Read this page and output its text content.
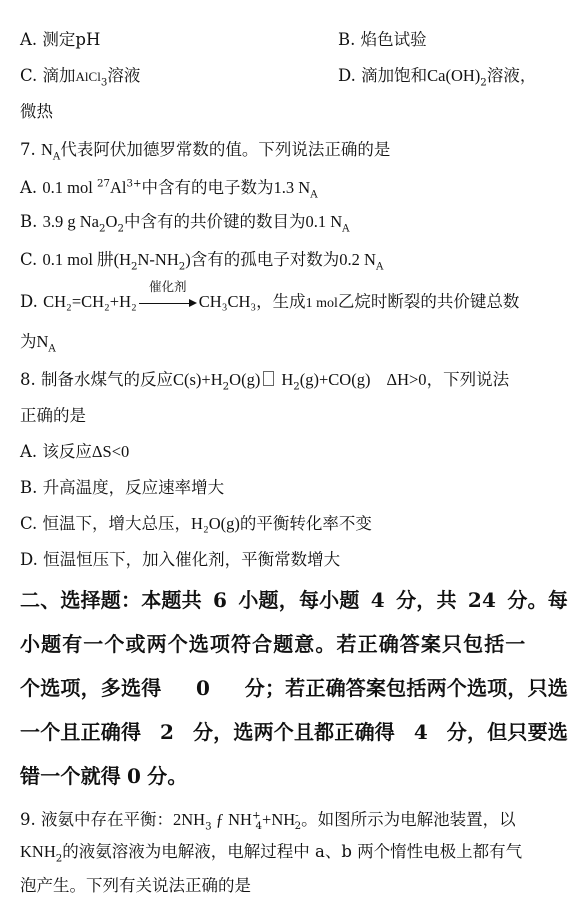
A. 测定pH	B. 焰色试验
C. 滴加AlCl$_3$溶液	D. 滴加饱和$Ca(OH)_2$溶液，
微热
7. $N_A$代表阿伏加德罗常数的值。下列说法正确的是
A. 0.1 mol $^{27}Al^{3+}$中含有的电子数为1.3 $N_A$
B. 3.9 g $Na_2O_2$中含有的共价键的数目为0.1 $N_A$
C. 0.1 mol 肼$(H_2N-NH_2)$含有的孤电子对数为0.2 $N_A$
D. CH₂=CH₂+H₂
催化剂
CH₃CH₃，生成1 mol乙烷时断裂的共价键总数
为$N_A$
8. 制备水煤气的反应$C(s)+H_2O(g)$ $H_2(g)+CO(g)$ ΔH>0，下列说法
正确的是
A. 该反应ΔS<0
B. 升高温度，反应速率增大
C. 恒温下，增大总压，H₂O(g)的平衡转化率不变
D. 恒温恒压下，加入催化剂，平衡常数增大
二、选择题：本题共 6 小题，每小题 4 分，共 24 分。每
小题有一个或两个选项符合题意。若正确答案只包括一
个选项，多选得 0 分；若正确答案包括两个选项，只选
一个且正确得 2 分，选两个且都正确得 4 分，但只要选
错一个就得 0 分。
9. 液氨中存在平衡：$2NH_3$ ƒ $NH^+_4+NH^-_2$。如图所示为电解池装置，以
$KNH_2$的液氨溶液为电解液，电解过程中 a、b 两个惰性电极上都有气
泡产生。下列有关说法正确的是
